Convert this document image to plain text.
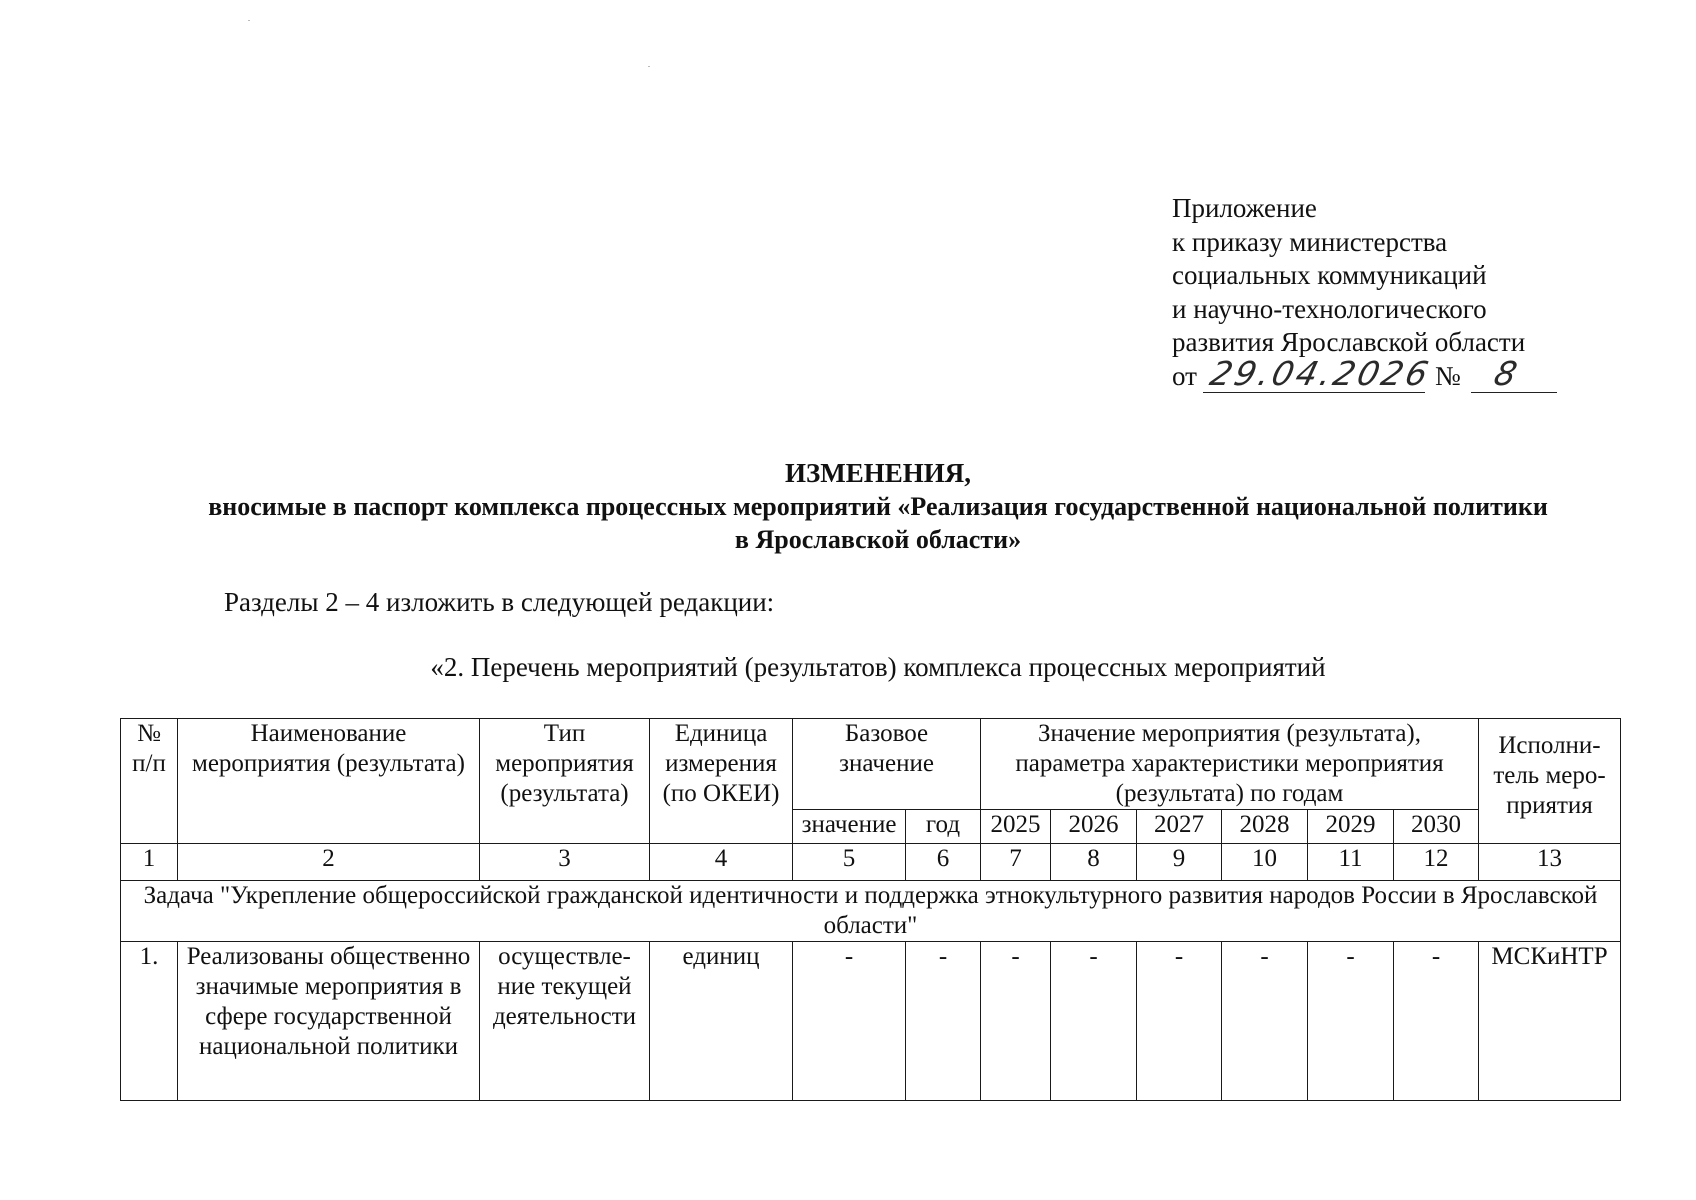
Приложение
к приказу министерства
социальных коммуникаций
и научно-технологического
развития Ярославской области
от 29.04.2026 № 8
ИЗМЕНЕНИЯ,
вносимые в паспорт комплекса процессных мероприятий «Реализация государственной национальной политики
в Ярославской области»
Разделы 2 – 4 изложить в следующей редакции:
«2. Перечень мероприятий (результатов) комплекса процессных мероприятий
№ п/п	Наименование мероприятия (результата)	Тип мероприятия (результата)	Единица измерения (по ОКЕИ)	Базовое значение		Значение мероприятия (результата), параметра характеристики мероприятия (результата) по годам						Исполни-тель меро-приятия
				значение	год	2025	2026	2027	2028	2029	2030	
1	2	3	4	5	6	7	8	9	10	11	12	13
Задача "Укрепление общероссийской гражданской идентичности и поддержка этнокультурного развития народов России в Ярославской области"												
1.	Реализованы общественно значимые мероприятия в сфере государственной национальной политики	осуществле-ние текущей деятельности	единиц	-	-	-	-	-	-	-	-	МСКиНТР
